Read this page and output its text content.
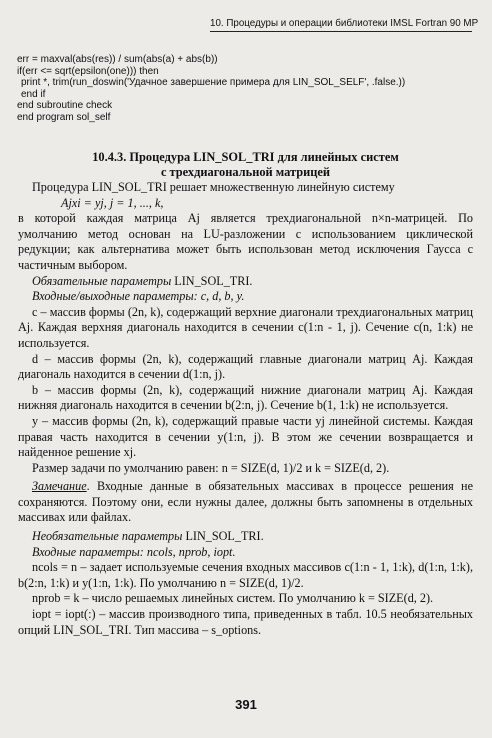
10. Процедуры и операции библиотеки IMSL Fortran 90 MP
err = maxval(abs(res)) / sum(abs(a) + abs(b))
if(err <= sqrt(epsilon(one))) then
print *, trim(run_doswin('Удачное завершение примера для LIN_SOL_SELF', .false.))
end if
end subroutine check
end program sol_self
10.4.3. Процедура LIN_SOL_TRI для линейных систем
с трехдиагональной матрицей

Процедура LIN_SOL_TRI решает множественную линейную систему

Ajxi = yj, j = 1, ..., k,

в которой каждая матрица Aj является трехдиагональной n×n-матрицей. По умолчанию метод основан на LU-разложении с использованием циклической редукции; как альтернатива может быть использован метод исключения Гаусса с частичным выбором.

Обязательные параметры LIN_SOL_TRI.

Входные/выходные параметры: c, d, b, y.

c – массив формы (2n, k), содержащий верхние диагонали трехдиагональных матриц Aj. Каждая верхняя диагональ находится в сечении c(1:n - 1, j). Сечение c(n, 1:k) не используется.

d – массив формы (2n, k), содержащий главные диагонали матриц Aj. Каждая диагональ находится в сечении d(1:n, j).

b – массив формы (2n, k), содержащий нижние диагонали матриц Aj. Каждая нижняя диагональ находится в сечении b(2:n, j). Сечение b(1, 1:k) не используется.

y – массив формы (2n, k), содержащий правые части yj линейной системы. Каждая правая часть находится в сечении y(1:n, j). В этом же сечении возвращается и найденное решение xj.

Размер задачи по умолчанию равен: n = SIZE(d, 1)/2 и k = SIZE(d, 2).

Замечание. Входные данные в обязательных массивах в процессе решения не сохраняются. Поэтому они, если нужны далее, должны быть запомнены в отдельных массивах или файлах.

Необязательные параметры LIN_SOL_TRI.

Входные параметры: ncols, nprob, iopt.

ncols = n – задает используемые сечения входных массивов c(1:n - 1, 1:k), d(1:n, 1:k), b(2:n, 1:k) и y(1:n, 1:k). По умолчанию n = SIZE(d, 1)/2.

nprob = k – число решаемых линейных систем. По умолчанию k = SIZE(d, 2).

iopt = iopt(:) – массив производного типа, приведенных в табл. 10.5 необязательных опций LIN_SOL_TRI. Тип массива – s_options.

391
